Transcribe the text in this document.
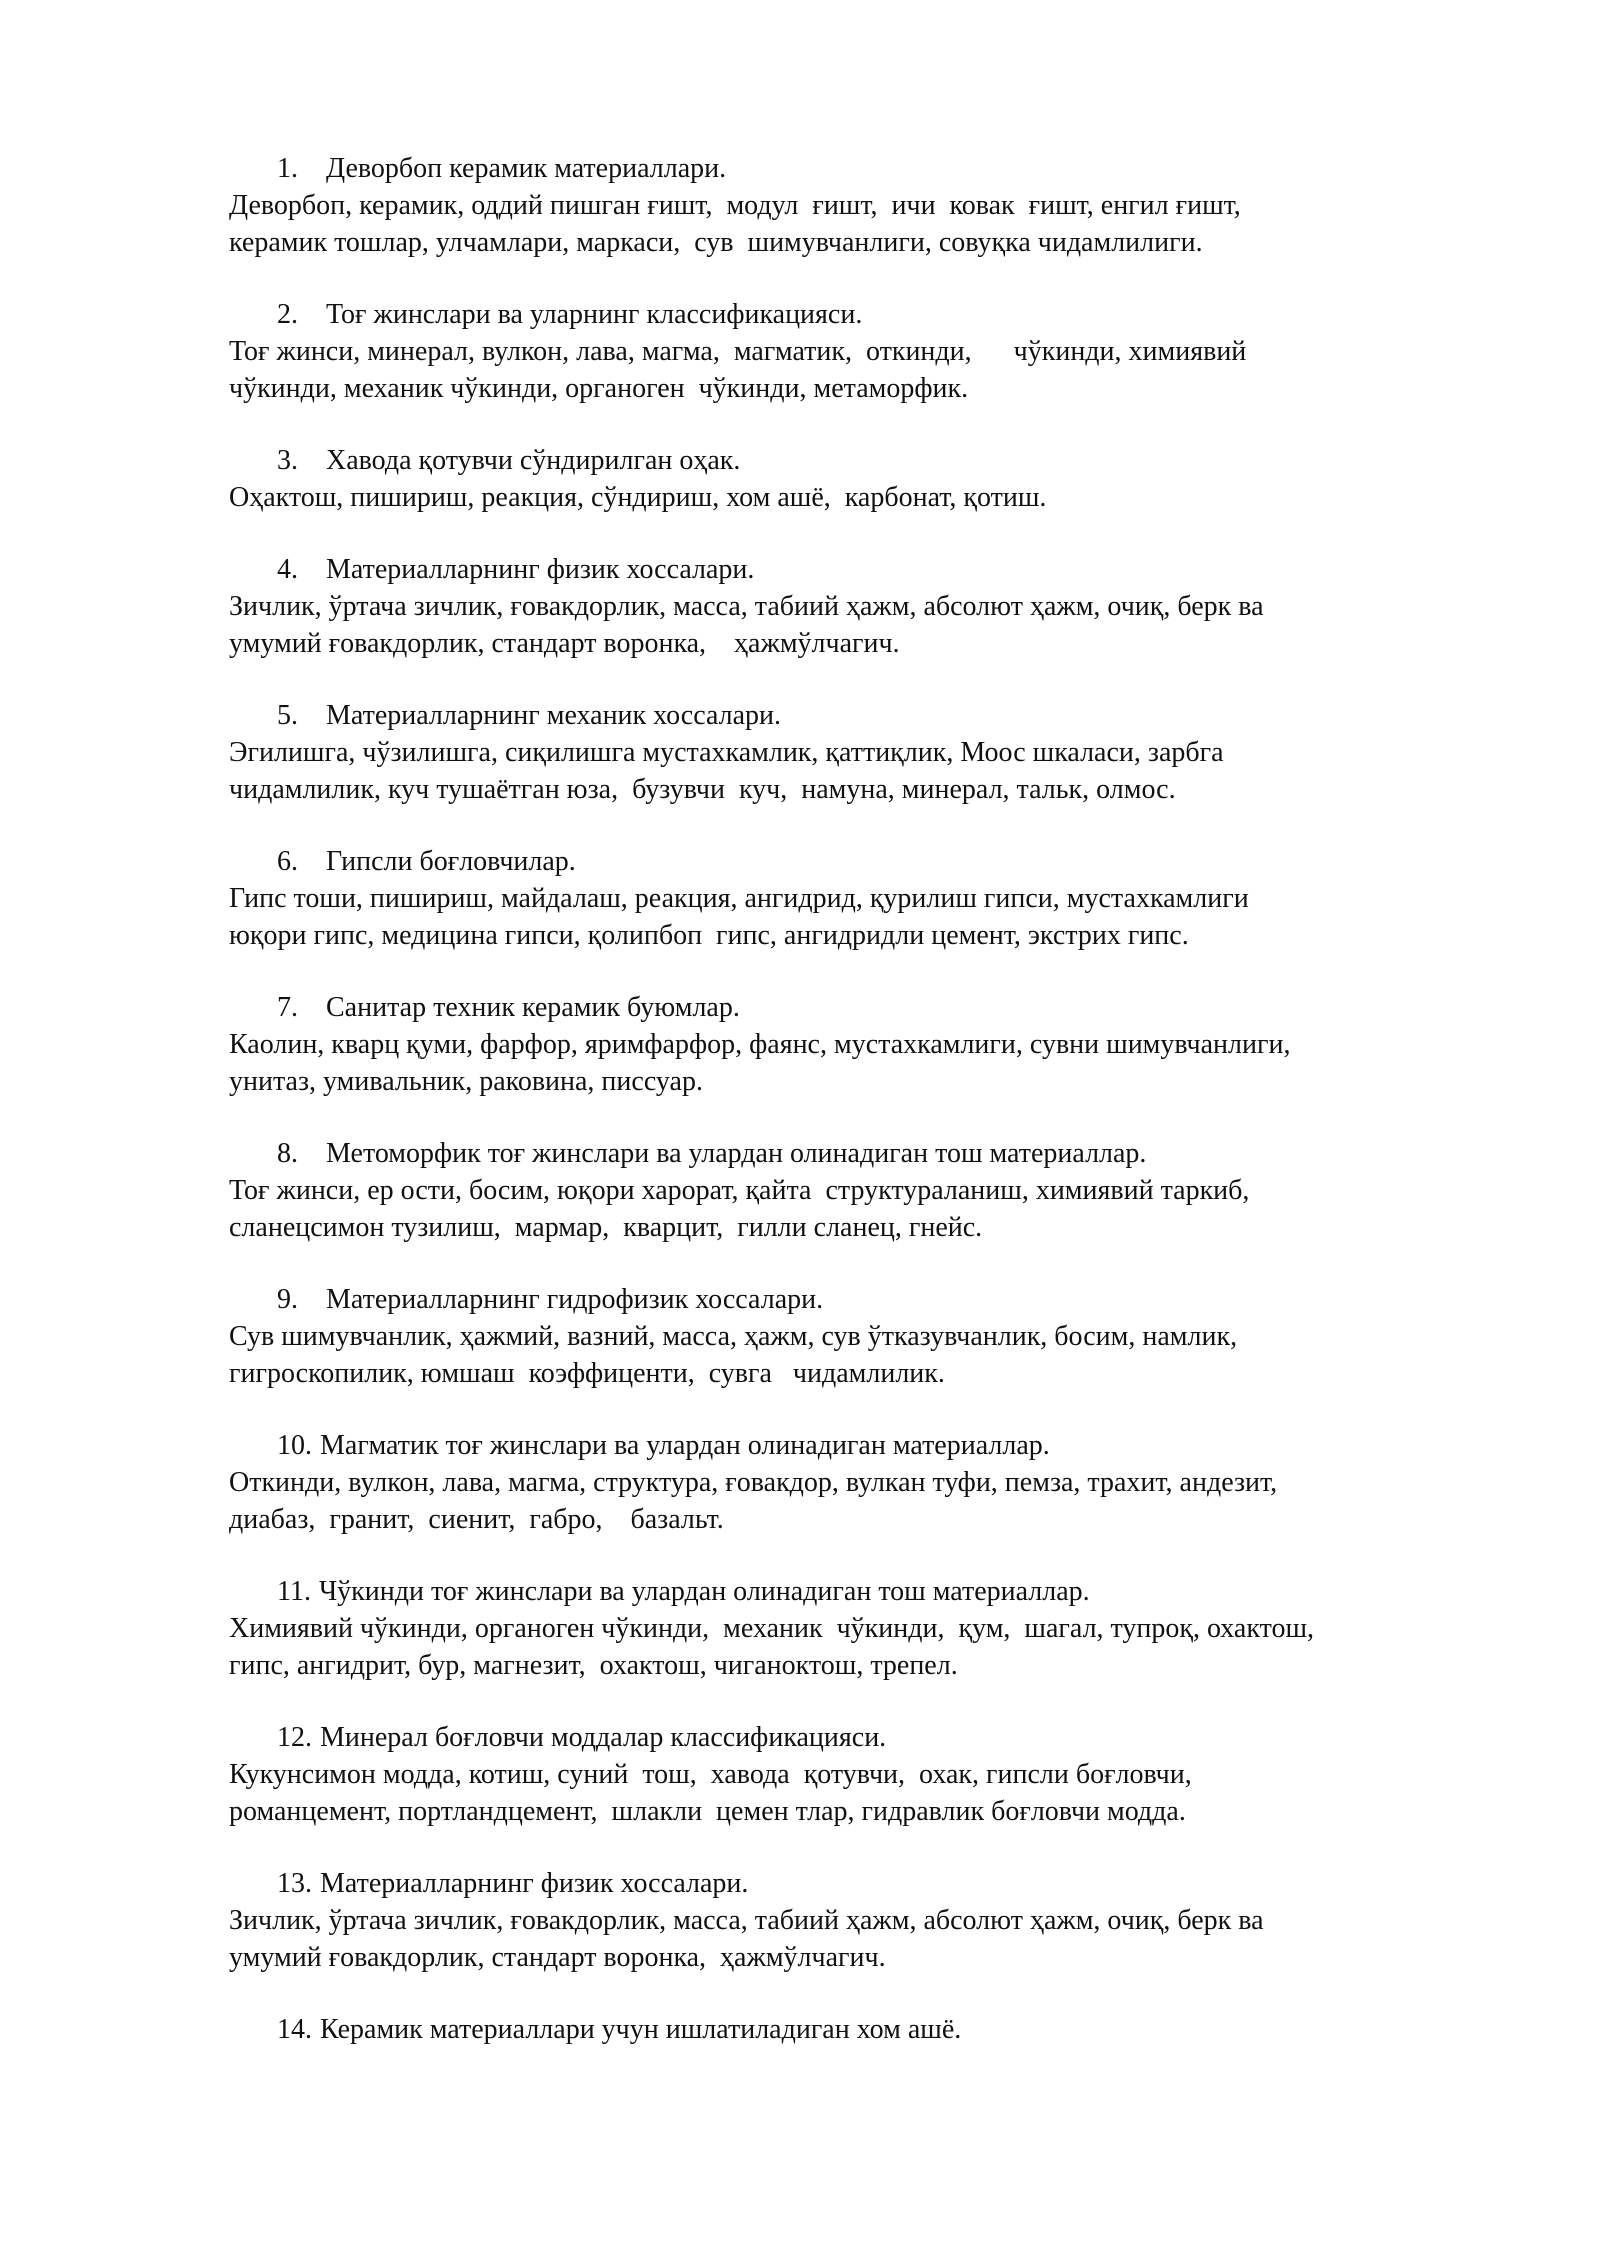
1.	Деворбоп керамик материаллари.
Деворбоп, керамик, оддий пишган ғишт,  модул  ғишт,  ичи  ковак  ғишт, енгил ғишт,
керамик тошлар, улчамлари, маркаси,  сув  шимувчанлиги, совуқка чидамлилиги.
2.	Тоғ жинслари ва уларнинг классификацияси.
Тоғ жинси, минерал, вулкон, лава, магма,  магматик,  откинди,      чўкинди, химиявий
чўкинди, механик чўкинди, органоген  чўкинди, метаморфик.
3.	Хавода қотувчи сўндирилган оҳак.
Оҳактош, пишириш, реакция, сўндириш, хом ашё,  карбонат, қотиш.
4.	Материалларнинг физик хоссалари.
Зичлик, ўртача зичлик, ғовакдорлик, масса, табиий ҳажм, абсолют ҳажм, очиқ, берк ва
умумий ғовакдорлик, стандарт воронка,    ҳажмўлчагич.
5.	Материалларнинг механик хоссалари.
Эгилишга, чўзилишга, сиқилишга мустахкамлик, қаттиқлик, Моос шкаласи, зарбга
чидамлилик, куч тушаётган юза,  бузувчи  куч,  намуна, минерал, тальк, олмос.
6.	Гипсли боғловчилар.
Гипс тоши, пишириш, майдалаш, реакция, ангидрид, қурилиш гипси, мустахкамлиги
юқори гипс, медицина гипси, қолипбоп  гипс, ангидридли цемент, экстрих гипс.
7.	Санитар техник керамик буюмлар.
Каолин, кварц қуми, фарфор, яримфарфор, фаянс, мустахкамлиги, сувни шимувчанлиги,
унитаз, умивальник, раковина, писсуар.
8.	Метоморфик тоғ жинслари ва улардан олинадиган тош материаллар.
Тоғ жинси, ер ости, босим, юқори харорат, қайта  структураланиш, химиявий таркиб,
сланецсимон тузилиш,  мармар,  кварцит,  гилли сланец, гнейс.
9.	Материалларнинг гидрофизик хоссалари.
Сув шимувчанлик, ҳажмий, вазний, масса, ҳажм, сув ўтказувчанлик, босим, намлик,
гигроскопилик, юмшаш  коэффиценти,  сувга   чидамлилик.
10. Магматик тоғ жинслари ва улардан олинадиган материаллар.
Откинди, вулкон, лава, магма, структура, ғовакдор, вулкан туфи, пемза, трахит, андезит,
диабаз,  гранит,  сиенит,  габро,    базальт.
11. Чўкинди тоғ жинслари ва улардан олинадиган тош материаллар.
Химиявий чўкинди, органоген чўкинди,  механик  чўкинди,  қум,  шагал, тупроқ, охактош,
гипс, ангидрит, бур, магнезит,  охактош, чиганоктош, трепел.
12. Минерал боғловчи моддалар классификацияси.
Кукунсимон модда, котиш, суний  тош,  хавода  қотувчи,  охак, гипсли боғловчи,
романцемент, портландцемент,  шлакли  цемен тлар, гидравлик боғловчи модда.
13. Материалларнинг физик хоссалари.
Зичлик, ўртача зичлик, ғовакдорлик, масса, табиий ҳажм, абсолют ҳажм, очиқ, берк ва
умумий ғовакдорлик, стандарт воронка,  ҳажмўлчагич.
14. Керамик материаллари учун ишлатиладиган хом ашё.
